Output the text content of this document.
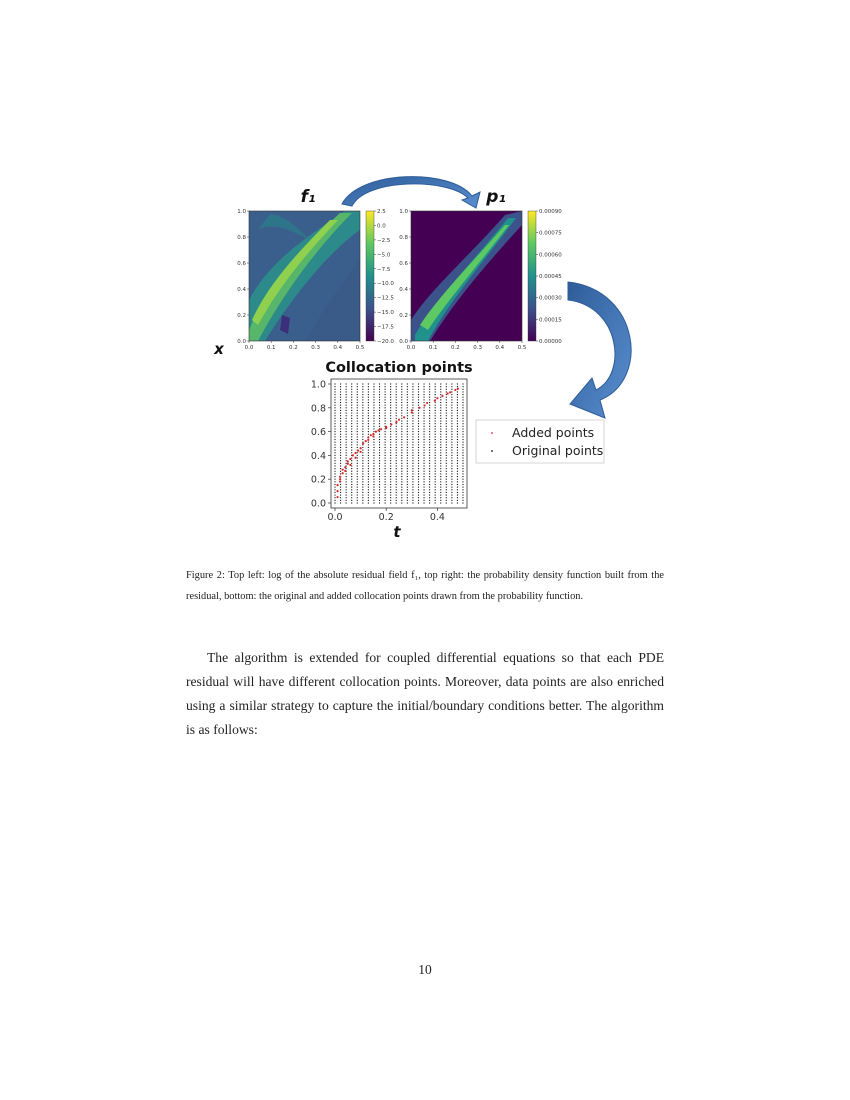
f₁	p₁
x
Collocation points
t
Added points
Original points
0.0 0.1 0.2 0.3 0.4 0.5
0.0
0.2
0.4
0.6
0.8
1.0	2.5
0.0
−2.5
−5.0
−7.5
−10.0
−12.5
−15.0
−17.5
−20.0
0.0 0.1 0.2 0.3 0.4 0.5
0.0
0.2
0.4
0.6
0.8
1.0	0.00090
0.00075
0.00060
0.00045
0.00030
0.00015
0.00000
0.0	0.2	0.4
0.0
0.2
0.4
0.6
0.8
1.0

Figure 2: Top left: log of the absolute residual field f₁, top right: the probability density function built from the residual, bottom: the original and added collocation points drawn from the probability function.

The algorithm is extended for coupled differential equations so that each PDE residual will have different collocation points. Moreover, data points are also enriched using a similar strategy to capture the initial/boundary conditions better. The algorithm is as follows:

10
